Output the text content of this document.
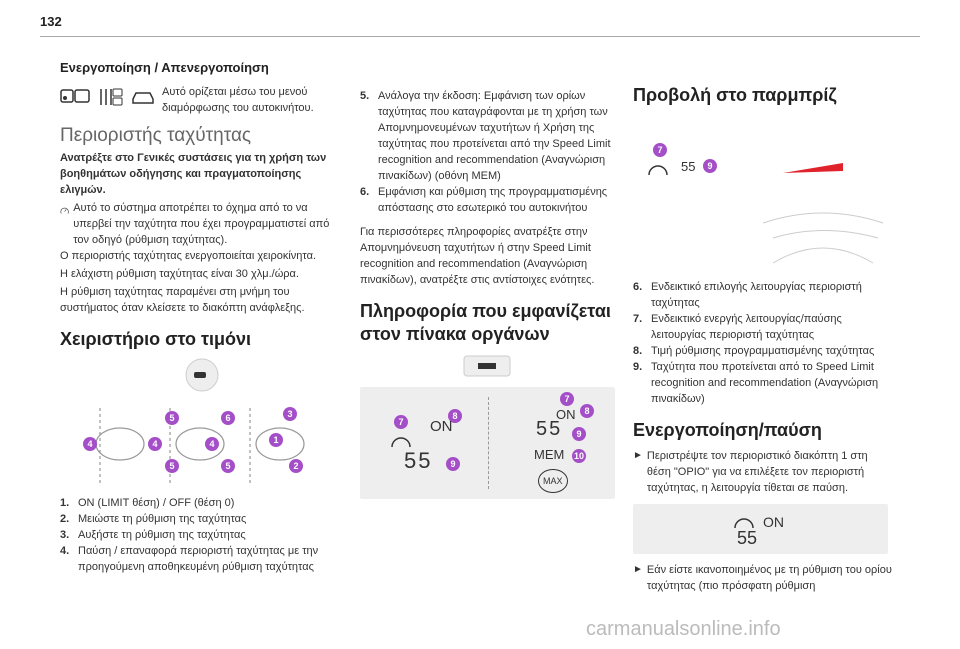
132
Ενεργοποίηση / Απενεργοποίηση
Αυτό ορίζεται μέσω του μενού διαμόρφωσης του αυτοκινήτου.
Περιοριστής ταχύτητας
Ανατρέξτε στο Γενικές συστάσεις για τη χρήση των βοηθημάτων οδήγησης και πραγματοποίησης ελιγμών.
Αυτό το σύστημα αποτρέπει το όχημα από το να υπερβεί την ταχύτητα που έχει προγραμματιστεί από τον οδηγό (ρύθμιση ταχύτητας).
Ο περιοριστής ταχύτητας ενεργοποιείται χειροκίνητα.
Η ελάχιστη ρύθμιση ταχύτητας είναι 30 χλμ./ώρα.
Η ρύθμιση ταχύτητας παραμένει στη μνήμη του συστήματος όταν κλείσετε το διακόπτη ανάφλεξης.
Χειριστήριο στο τιμόνι

4
5
4
5
6
4
5
3
1
2
1. ON (LIMIT θέση) / OFF (θέση 0)
2. Μειώστε τη ρύθμιση της ταχύτητας
3. Αυξήστε τη ρύθμιση της ταχύτητας
4. Παύση / επαναφορά περιοριστή ταχύτητας με την προηγούμενη αποθηκευμένη ρύθμιση ταχύτητας
5. Ανάλογα την έκδοση: Εμφάνιση των ορίων ταχύτητας που καταγράφονται με τη χρήση των Απομνημονευμένων ταχυτήτων ή Χρήση της ταχύτητας που προτείνεται από την Speed Limit recognition and recommendation (Αναγνώριση πινακίδων) (οθόνη MEM)
6. Εμφάνιση και ρύθμιση της προγραμματισμένης απόστασης στο εσωτερικό του αυτοκινήτου
Για περισσότερες πληροφορίες ανατρέξτε στην Απομνημόνευση ταχυτήτων ή στην Speed Limit recognition and recommendation (Αναγνώριση πινακίδων), ανατρέξτε στις αντίστοιχες ενότητες.
Πληροφορία που εμφανίζεται στον πίνακα οργάνων
7
8
ON
55	9
7
8
ON
55	9
MEM 10
MAX
Προβολή στο παρμπρίζ
7
55	9
6. Ενδεικτικό επιλογής λειτουργίας περιοριστή ταχύτητας
7. Ενδεικτικό ενεργής λειτουργίας/παύσης λειτουργίας περιοριστή ταχύτητας
8. Τιμή ρύθμισης προγραμματισμένης ταχύτητας
9. Ταχύτητα που προτείνεται από το Speed Limit recognition and recommendation (Αναγνώριση πινακίδων)
Ενεργοποίηση/παύση
► Περιστρέψτε τον περιοριστικό διακόπτη 1 στη θέση "OPIO" για να επιλέξετε τον περιοριστή ταχύτητας, η λειτουργία τίθεται σε παύση.
ON
55
► Εάν είστε ικανοποιημένος με τη ρύθμιση του ορίου ταχύτητας (πιο πρόσφατη ρύθμιση
carmanualsonline.info
